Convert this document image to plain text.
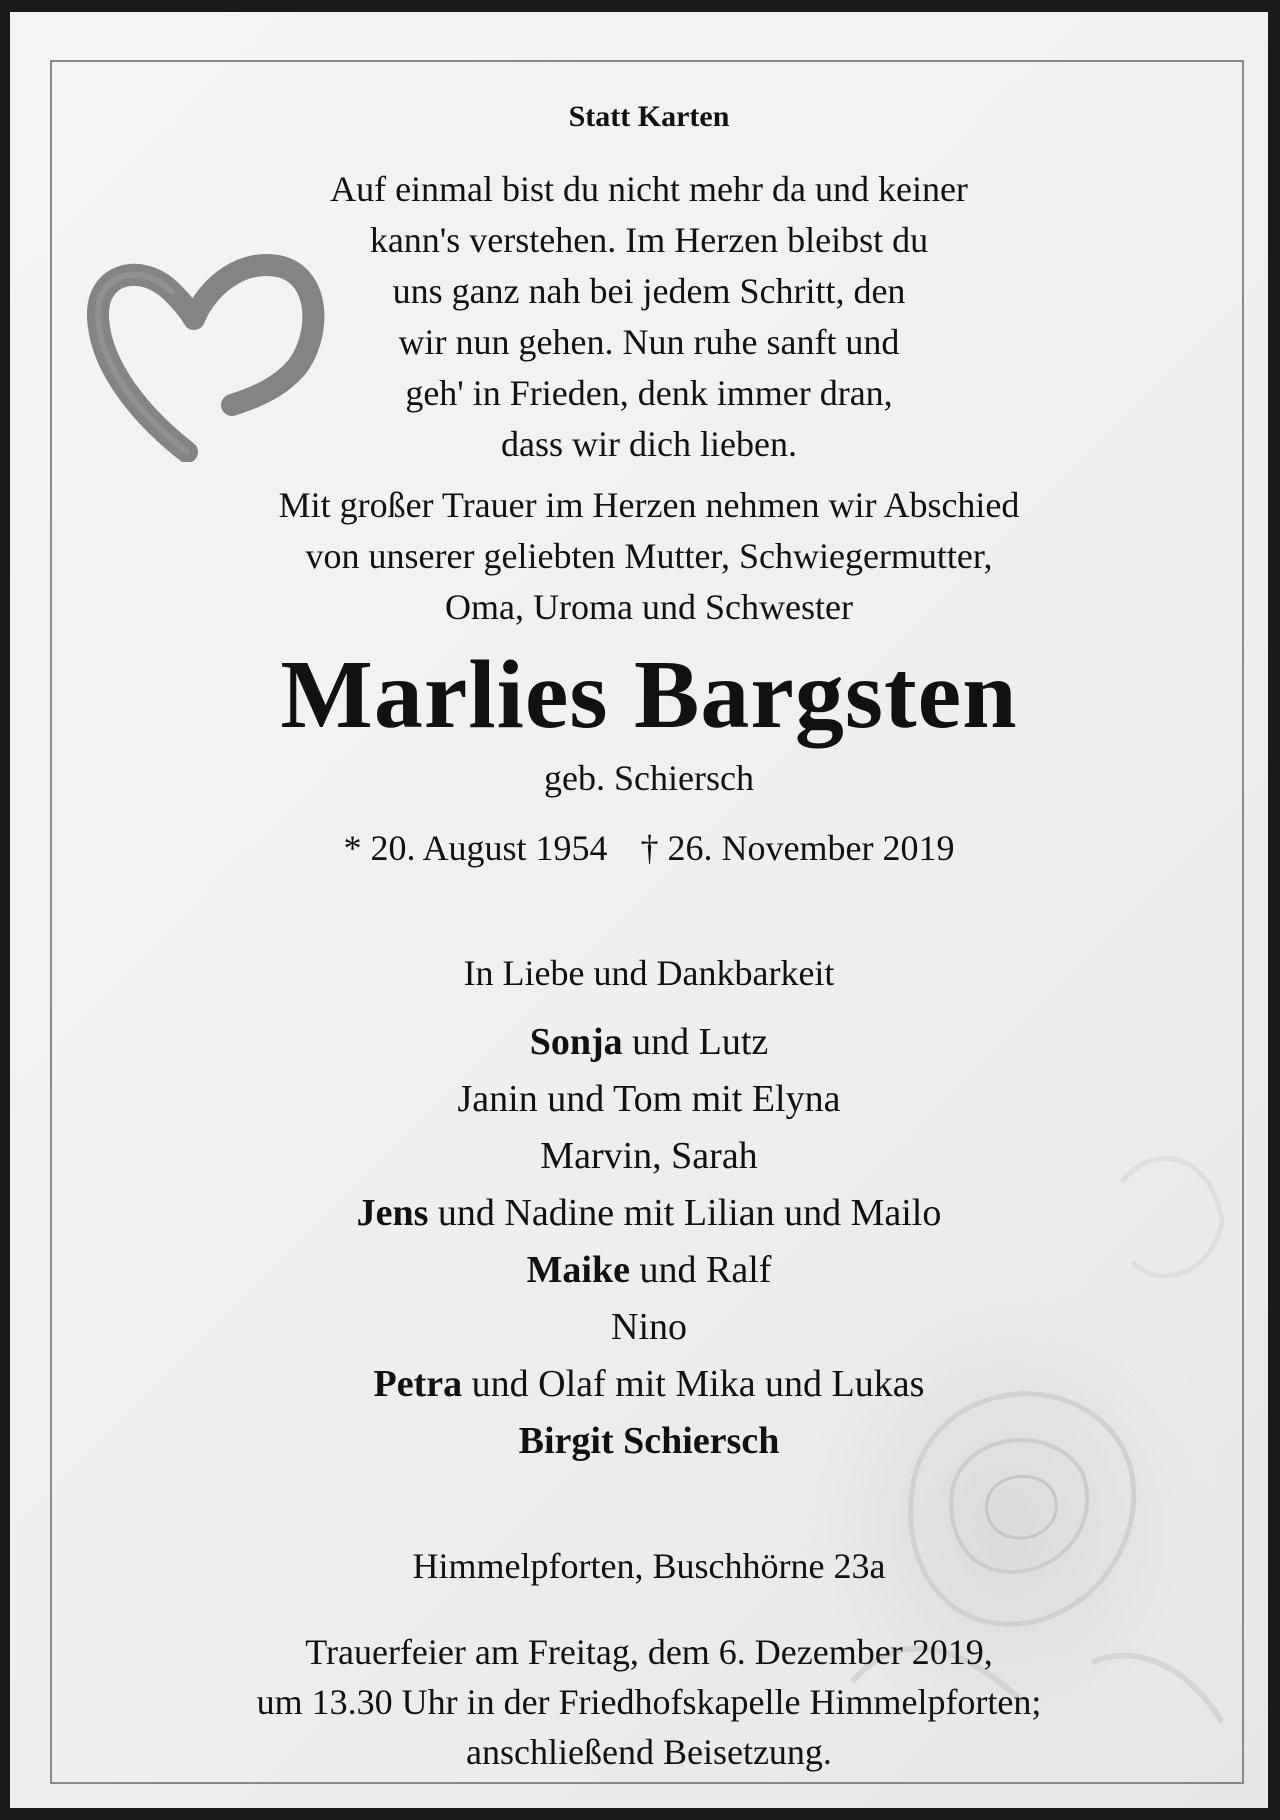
Statt Karten

Auf einmal bist du nicht mehr da und keiner
kann's verstehen. Im Herzen bleibst du
uns ganz nah bei jedem Schritt, den
wir nun gehen. Nun ruhe sanft und
geh' in Frieden, denk immer dran,
dass wir dich lieben.
Mit großer Trauer im Herzen nehmen wir Abschied
von unserer geliebten Mutter, Schwiegermutter,
Oma, Uroma und Schwester
Marlies Bargsten
geb. Schiersch
* 20. August 1954 † 26. November 2019
In Liebe und Dankbarkeit
Sonja und Lutz
Janin und Tom mit Elyna
Marvin, Sarah
Jens und Nadine mit Lilian und Mailo
Maike und Ralf
Nino
Petra und Olaf mit Mika und Lukas
Birgit Schiersch
Himmelpforten, Buschhörne 23a
Trauerfeier am Freitag, dem 6. Dezember 2019,
um 13.30 Uhr in der Friedhofskapelle Himmelpforten;
anschließend Beisetzung.
